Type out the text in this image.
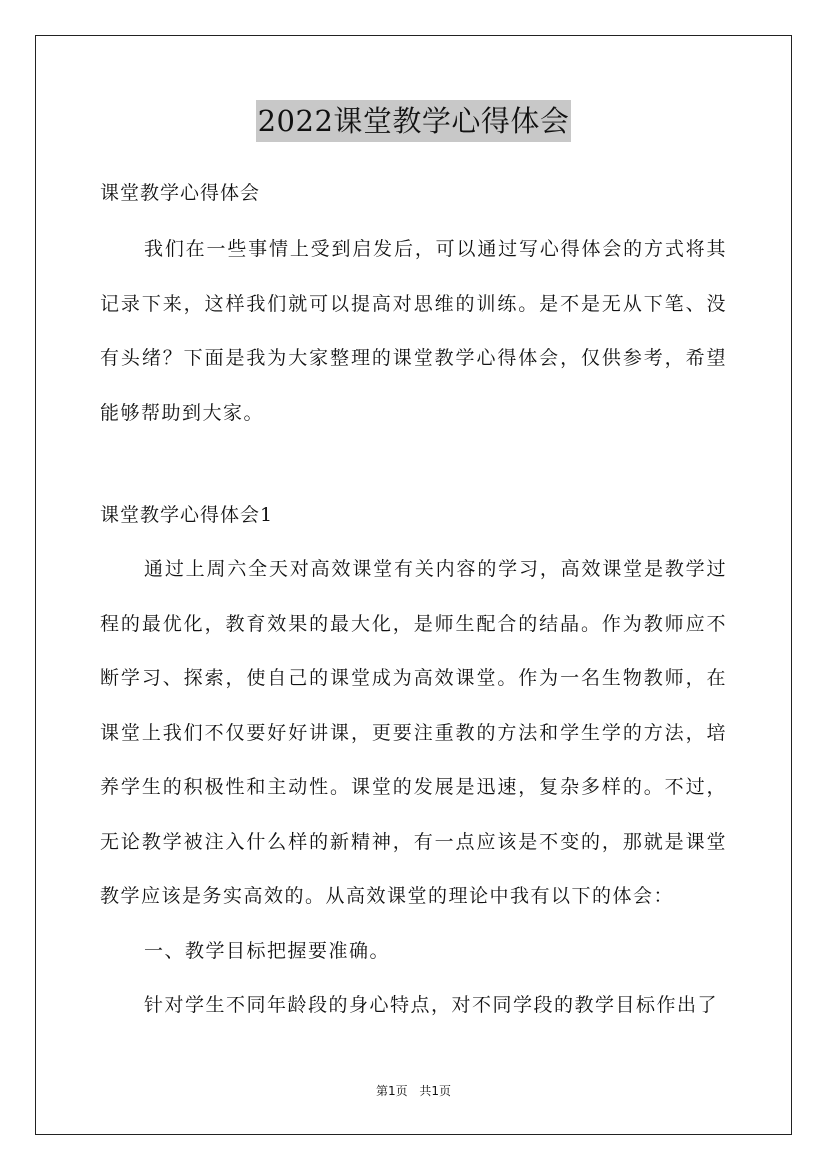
2022课堂教学心得体会

课堂教学心得体会

我们在一些事情上受到启发后，可以通过写心得体会的方式将其记录下来，这样我们就可以提高对思维的训练。是不是无从下笔、没有头绪？下面是我为大家整理的课堂教学心得体会，仅供参考，希望能够帮助到大家。

课堂教学心得体会1

通过上周六全天对高效课堂有关内容的学习，高效课堂是教学过程的最优化，教育效果的最大化，是师生配合的结晶。作为教师应不断学习、探索，使自己的课堂成为高效课堂。作为一名生物教师，在课堂上我们不仅要好好讲课，更要注重教的方法和学生学的方法，培养学生的积极性和主动性。课堂的发展是迅速，复杂多样的。不过，无论教学被注入什么样的新精神，有一点应该是不变的，那就是课堂教学应该是务实高效的。从高效课堂的理论中我有以下的体会：

一、教学目标把握要准确。

针对学生不同年龄段的身心特点，对不同学段的教学目标作出了

第1页 共1页
